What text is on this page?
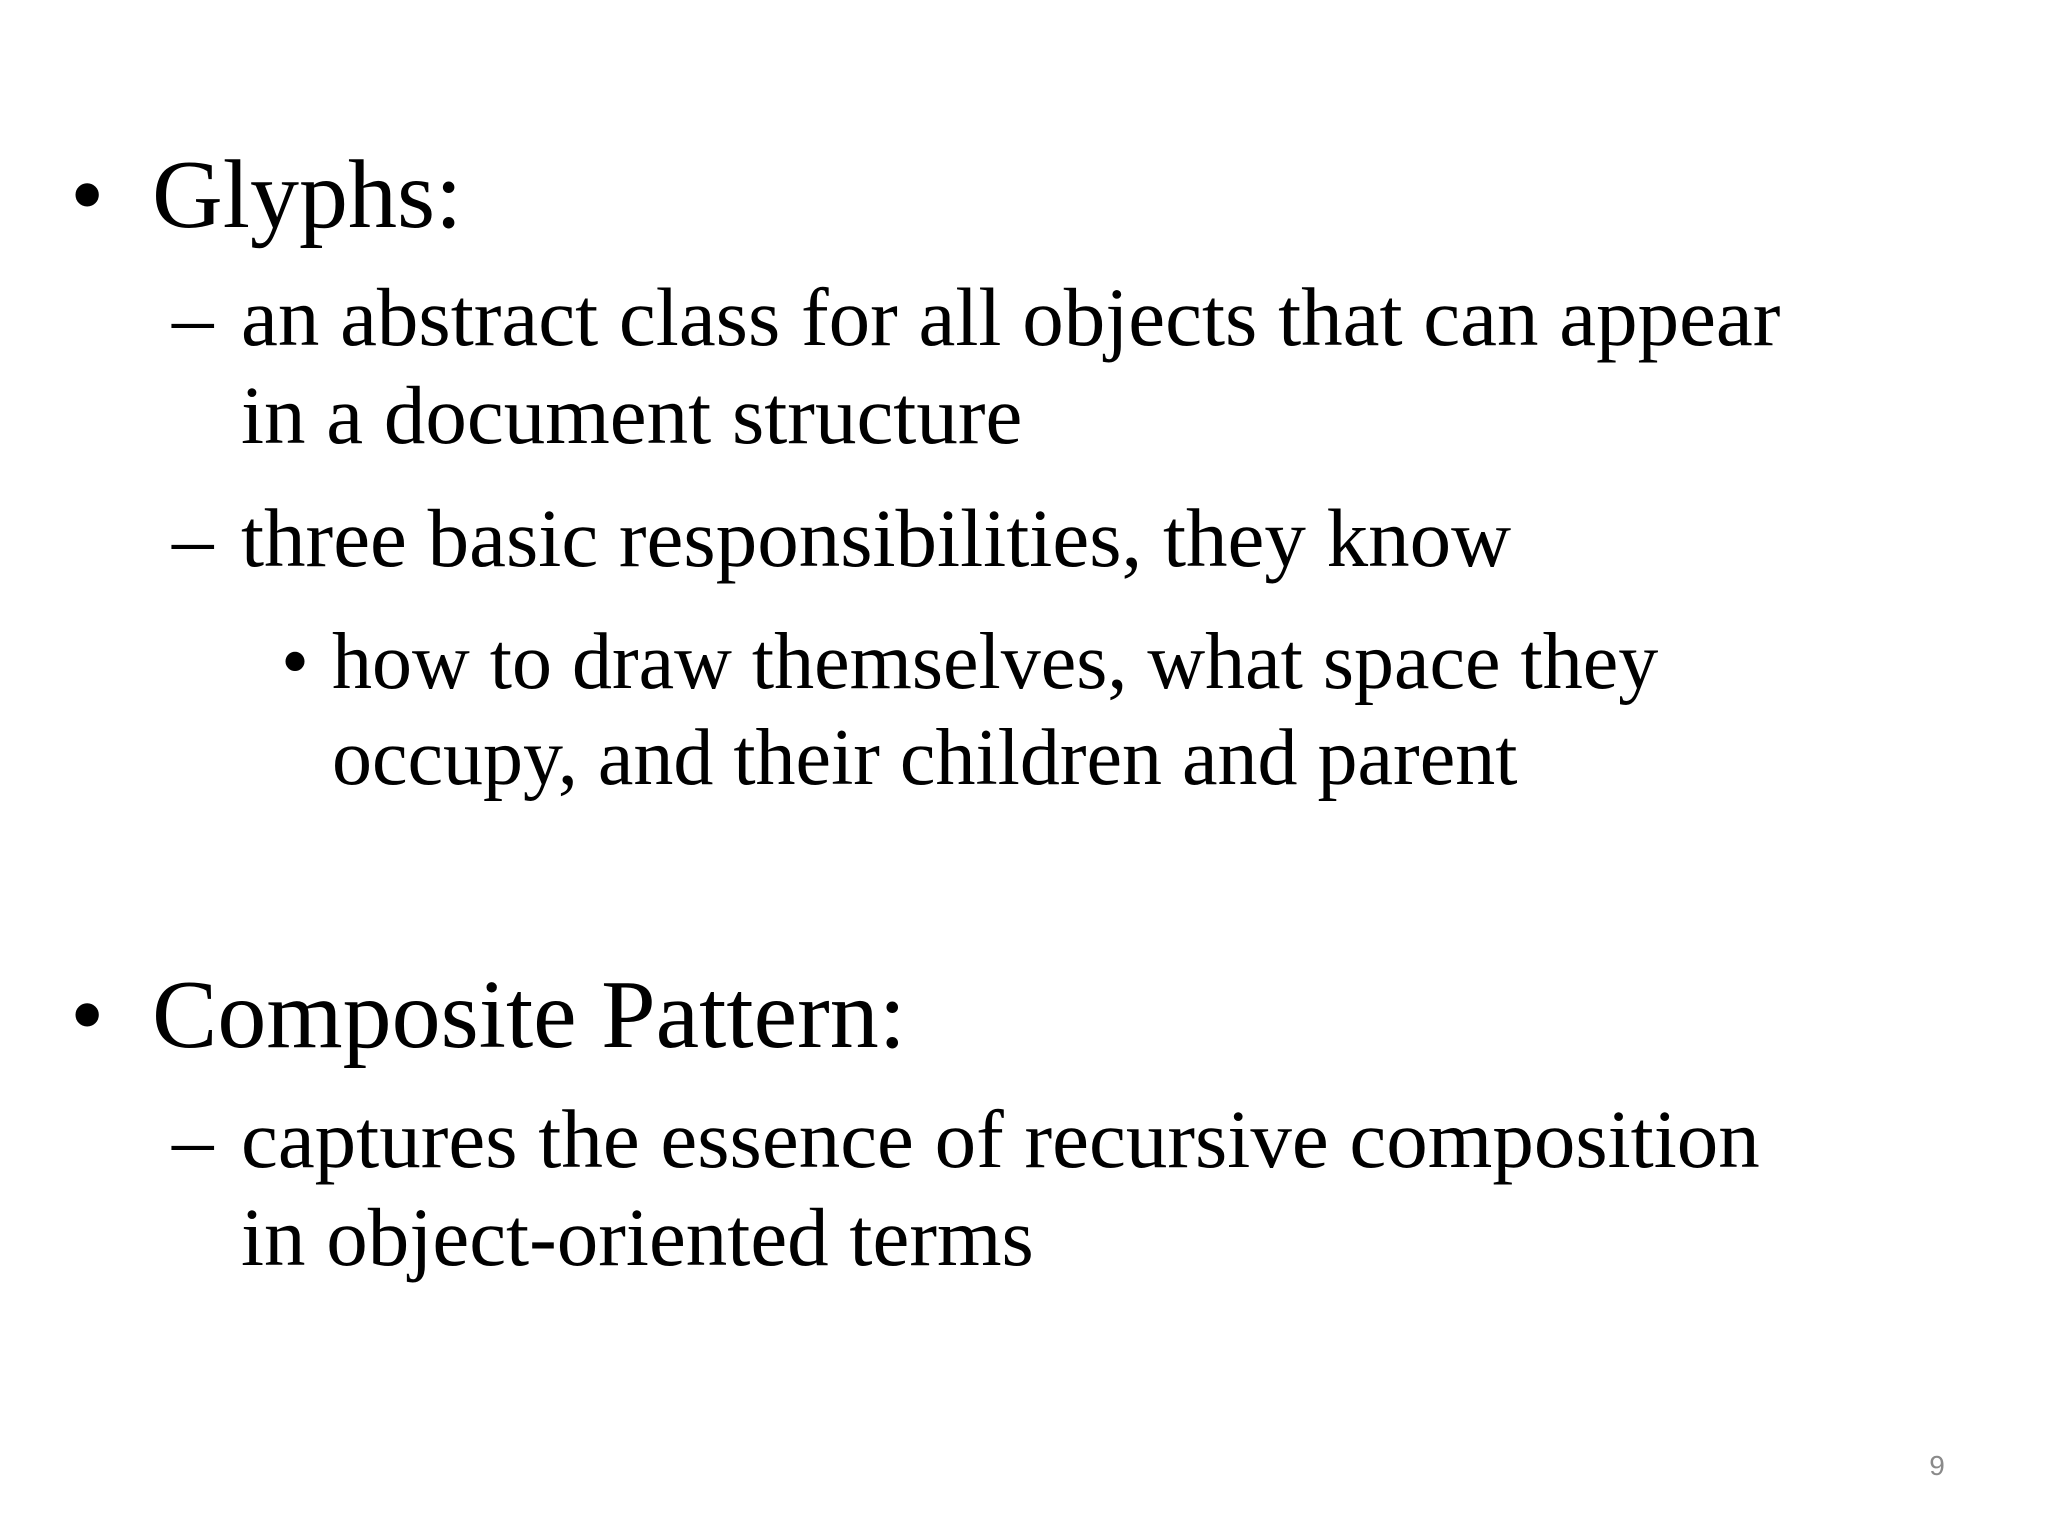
• Glyphs:
– an abstract class for all objects that can appear
in a document structure
– three basic responsibilities, they know
• how to draw themselves, what space they
occupy, and their children and parent
• Composite Pattern:
– captures the essence of recursive composition
in object-oriented terms
9
